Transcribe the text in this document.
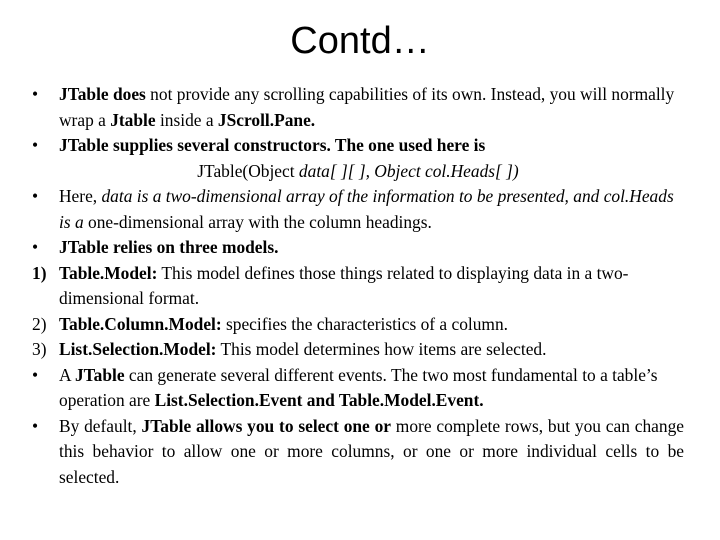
Contd…
• JTable does not provide any scrolling capabilities of its own. Instead, you will normally wrap a Jtable inside a JScroll.Pane.
• JTable supplies several constructors. The one used here is
JTable(Object data[ ][ ], Object col.Heads[ ])
• Here, data is a two-dimensional array of the information to be presented, and col.Heads is a one-dimensional array with the column headings.
• JTable relies on three models.
1) Table.Model: This model defines those things related to displaying data in a two-dimensional format.
2) Table.Column.Model: specifies the characteristics of a column.
3) List.Selection.Model: This model determines how items are selected.
• A JTable can generate several different events. The two most fundamental to a table’s operation are List.Selection.Event and Table.Model.Event.
• By default, JTable allows you to select one or more complete rows, but you can change this behavior to allow one or more columns, or one or more individual cells to be selected.
